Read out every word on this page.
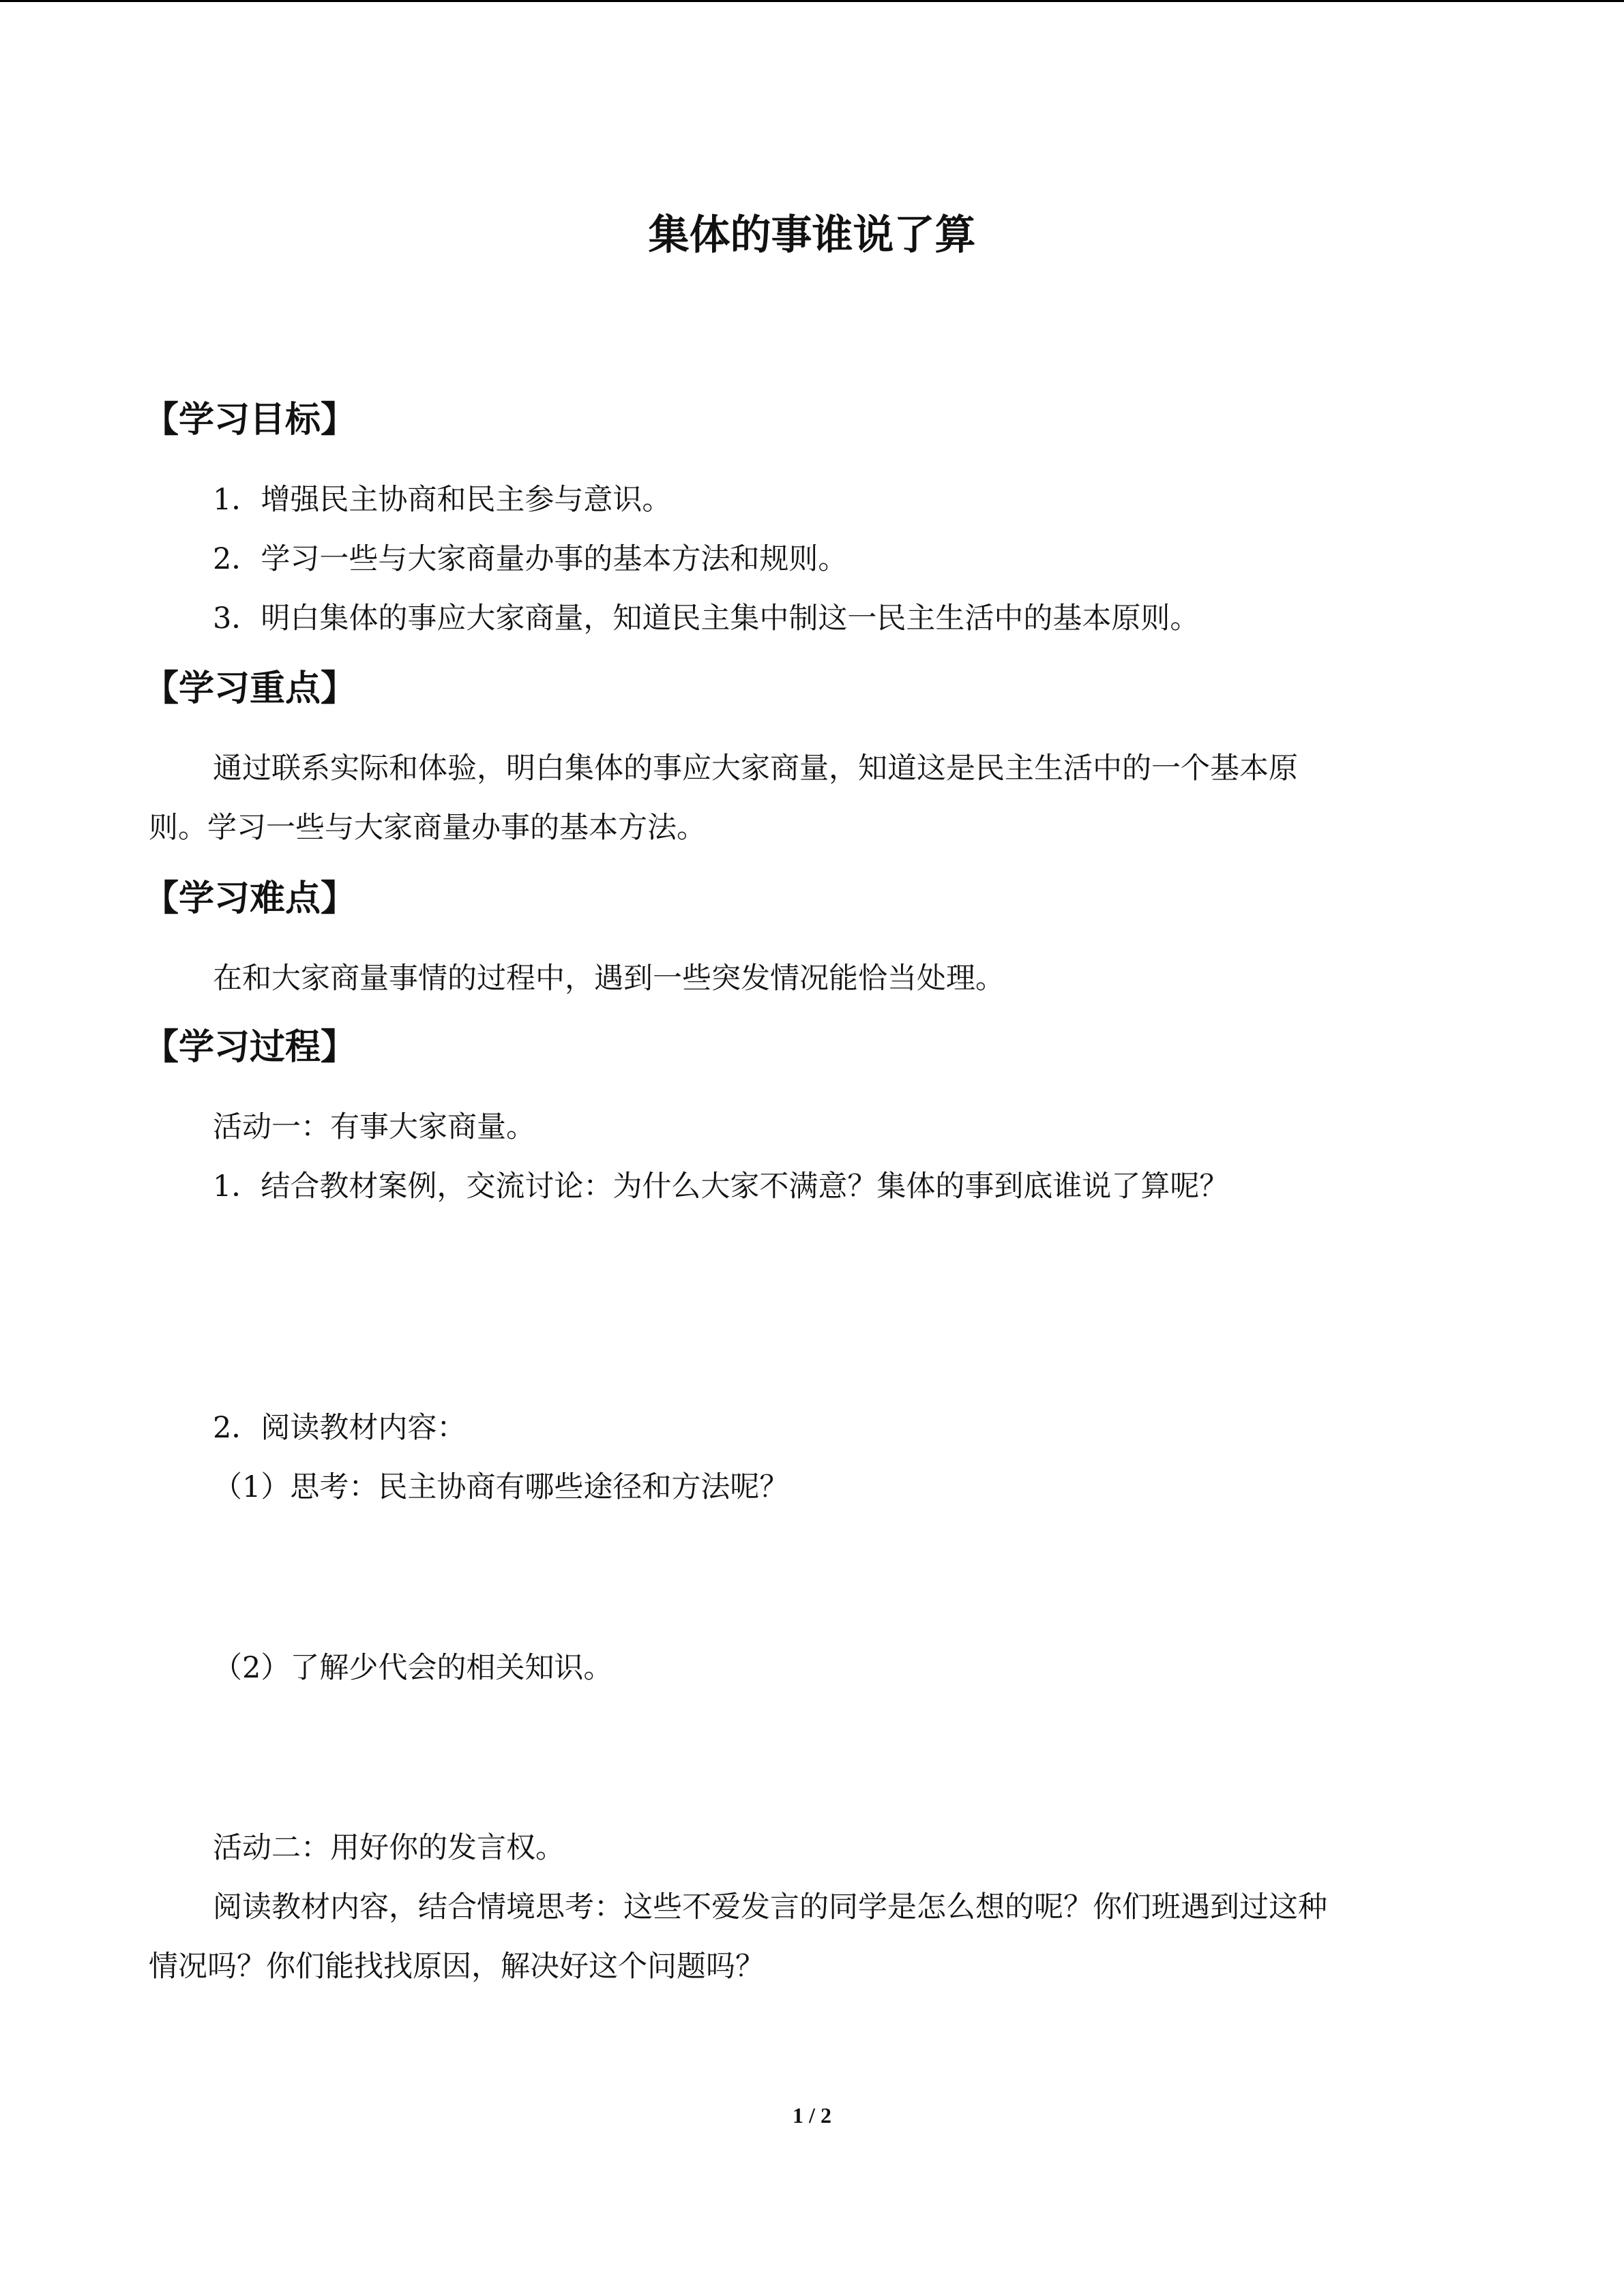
集体的事谁说了算
【学习目标】
1．增强民主协商和民主参与意识。
2．学习一些与大家商量办事的基本方法和规则。
3．明白集体的事应大家商量，知道民主集中制这一民主生活中的基本原则。
【学习重点】
通过联系实际和体验，明白集体的事应大家商量，知道这是民主生活中的一个基本原
则。学习一些与大家商量办事的基本方法。
【学习难点】
在和大家商量事情的过程中，遇到一些突发情况能恰当处理。
【学习过程】
活动一：有事大家商量。
1．结合教材案例，交流讨论：为什么大家不满意？集体的事到底谁说了算呢？
2．阅读教材内容：
（1）思考：民主协商有哪些途径和方法呢？
（2）了解少代会的相关知识。
活动二：用好你的发言权。
阅读教材内容，结合情境思考：这些不爱发言的同学是怎么想的呢？你们班遇到过这种
情况吗？你们能找找原因，解决好这个问题吗？
1 / 2
